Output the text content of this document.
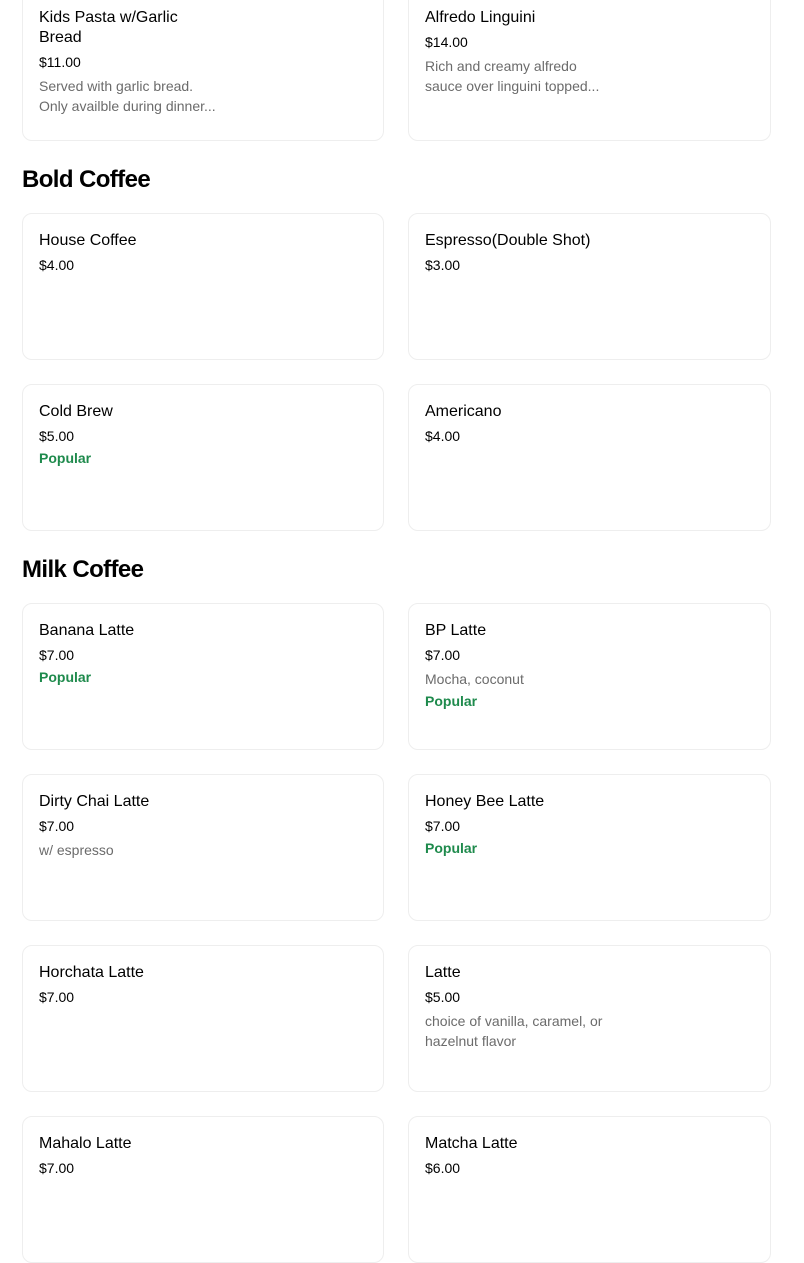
Kids Pasta w/Garlic Bread
$11.00
Served with garlic bread. Only availble during dinner...
Alfredo Linguini
$14.00
Rich and creamy alfredo sauce over linguini topped...
Bold Coffee
House Coffee
$4.00
Espresso(Double Shot)
$3.00
Cold Brew
$5.00
Popular
Americano
$4.00
Milk Coffee
Banana Latte
$7.00
Popular
BP Latte
$7.00
Mocha, coconut
Popular
Dirty Chai Latte
$7.00
w/ espresso
Honey Bee Latte
$7.00
Popular
Horchata Latte
$7.00
Latte
$5.00
choice of vanilla, caramel, or hazelnut flavor
Mahalo Latte
$7.00
Matcha Latte
$6.00
